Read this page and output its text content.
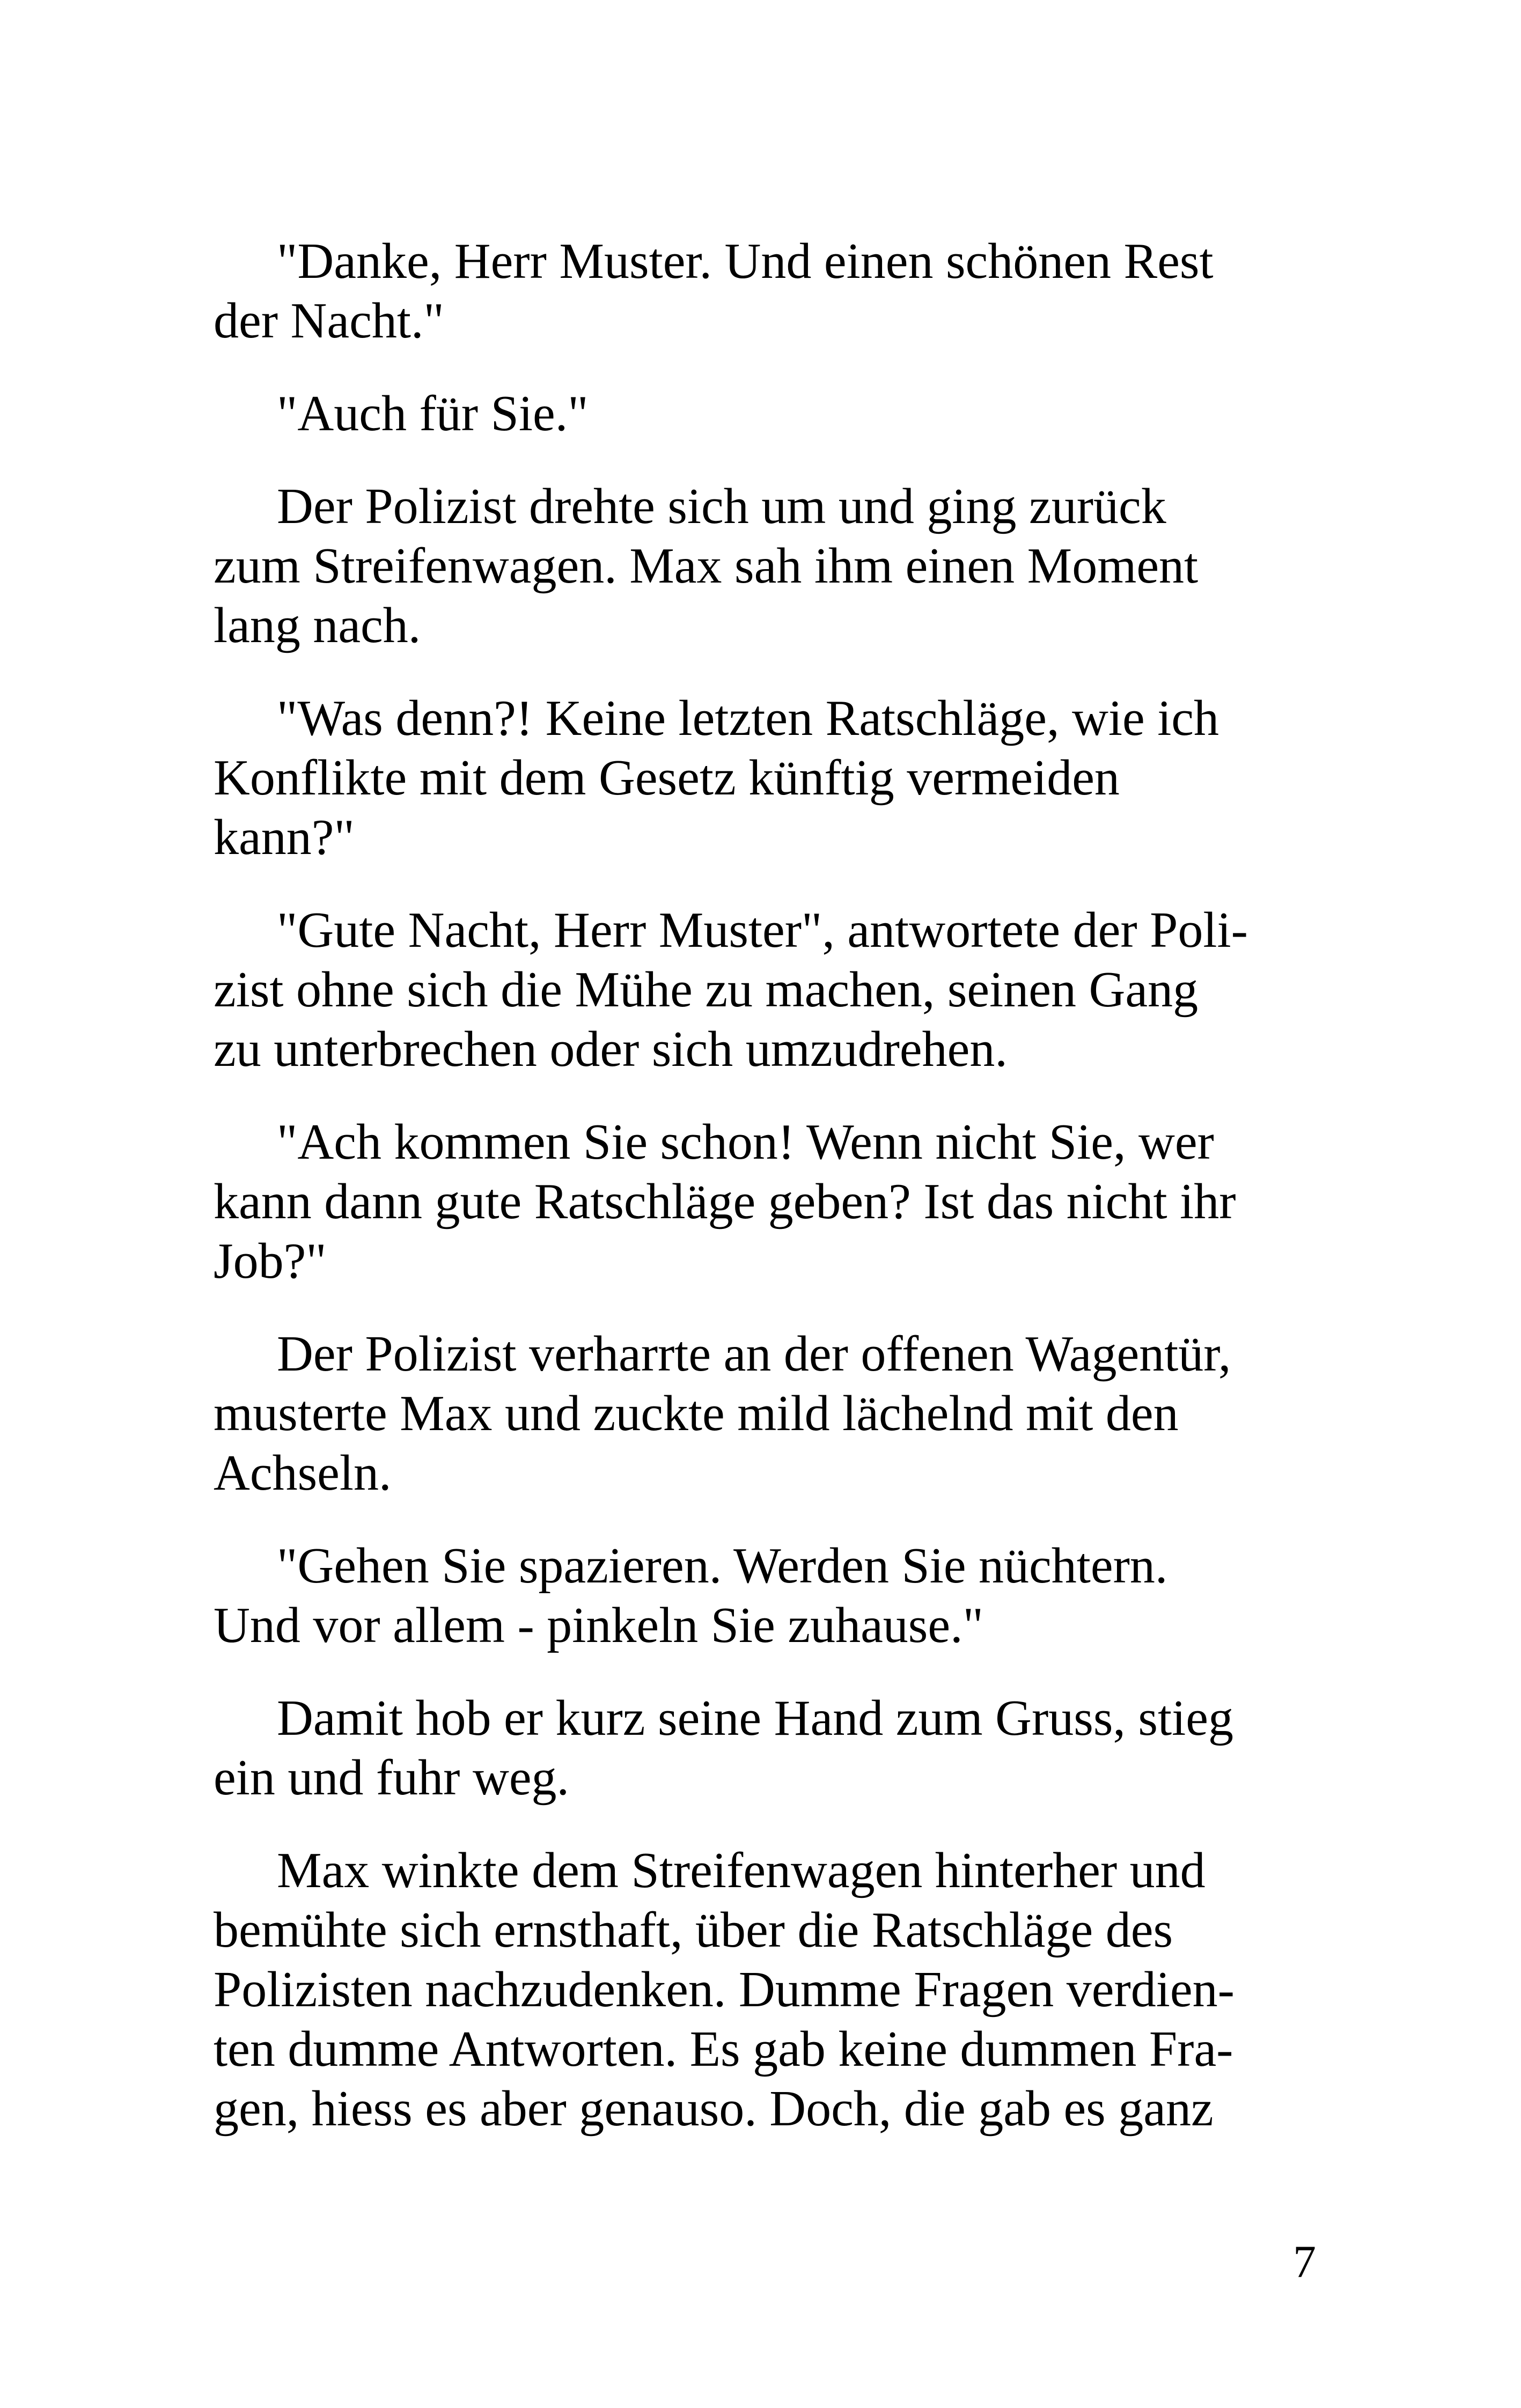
"Danke, Herr Muster. Und einen schönen Rest
der Nacht."

"Auch für Sie."

Der Polizist drehte sich um und ging zurück
zum Streifenwagen. Max sah ihm einen Moment
lang nach.

"Was denn?! Keine letzten Ratschläge, wie ich
Konflikte mit dem Gesetz künftig vermeiden
kann?"

"Gute Nacht, Herr Muster", antwortete der Poli-
zist ohne sich die Mühe zu machen, seinen Gang
zu unterbrechen oder sich umzudrehen.

"Ach kommen Sie schon! Wenn nicht Sie, wer
kann dann gute Ratschläge geben? Ist das nicht ihr
Job?"

Der Polizist verharrte an der offenen Wagentür,
musterte Max und zuckte mild lächelnd mit den
Achseln.

"Gehen Sie spazieren. Werden Sie nüchtern.
Und vor allem - pinkeln Sie zuhause."

Damit hob er kurz seine Hand zum Gruss, stieg
ein und fuhr weg.

Max winkte dem Streifenwagen hinterher und
bemühte sich ernsthaft, über die Ratschläge des
Polizisten nachzudenken. Dumme Fragen verdien-
ten dumme Antworten. Es gab keine dummen Fra-
gen, hiess es aber genauso. Doch, die gab es ganz

7
